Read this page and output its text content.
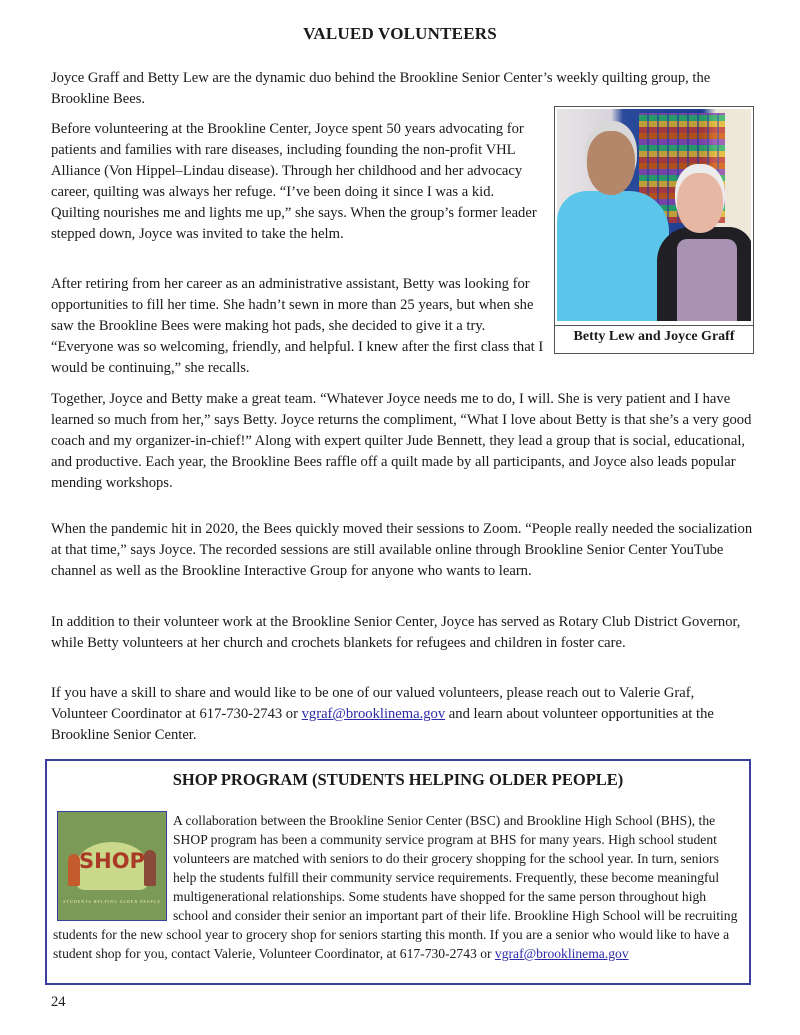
VALUED VOLUNTEERS

Joyce Graff and Betty Lew are the dynamic duo behind the Brookline Senior Center’s weekly quilting group, the Brookline Bees.

Before volunteering at the Brookline Center, Joyce spent 50 years advocating for patients and families with rare diseases, including founding the non-profit VHL Alliance (Von Hippel–Lindau disease). Through her childhood and her advocacy career, quilting was always her refuge. “I’ve been doing it since I was a kid. Quilting nourishes me and lights me up,” she says. When the group’s former leader stepped down, Joyce was invited to take the helm.

After retiring from her career as an administrative assistant, Betty was looking for opportunities to fill her time. She hadn’t sewn in more than 25 years, but when she saw the Brookline Bees were making hot pads, she decided to give it a try. “Everyone was so welcoming, friendly, and helpful. I knew after the first class that I would be continuing,” she recalls.

Betty Lew and Joyce Graff

Together, Joyce and Betty make a great team. “Whatever Joyce needs me to do, I will. She is very patient and I have learned so much from her,” says Betty. Joyce returns the compliment, “What I love about Betty is that she’s a very good coach and my organizer-in-chief!” Along with expert quilter Jude Bennett, they lead a group that is social, educational, and productive. Each year, the Brookline Bees raffle off a quilt made by all participants, and Joyce also leads popular mending workshops.

When the pandemic hit in 2020, the Bees quickly moved their sessions to Zoom. “People really needed the socialization at that time,” says Joyce. The recorded sessions are still available online through Brookline Senior Center YouTube channel as well as the Brookline Interactive Group for anyone who wants to learn.

In addition to their volunteer work at the Brookline Senior Center, Joyce has served as Rotary Club District Governor, while Betty volunteers at her church and crochets blankets for refugees and children in foster care.

If you have a skill to share and would like to be one of our valued volunteers, please reach out to Valerie Graf, Volunteer Coordinator at 617-730-2743 or vgraf@brooklinema.gov and learn about volunteer opportunities at the Brookline Senior Center.

SHOP PROGRAM (STUDENTS HELPING OLDER PEOPLE)
SHOP
STUDENTS HELPING OLDER PEOPLE

A collaboration between the Brookline Senior Center (BSC) and Brookline High School (BHS), the SHOP program has been a community service program at BHS for many years. High school student volunteers are matched with seniors to do their grocery shopping for the school year. In turn, seniors help the students fulfill their community service requirements. Frequently, these become meaningful multigenerational relationships. Some students have shopped for the same person throughout high school and consider their senior an important part of their life. Brookline High School will be recruiting students for the new school year to grocery shop for seniors starting this month. If you are a senior who would like to have a student shop for you, contact Valerie, Volunteer Coordinator, at 617-730-2743 or vgraf@brooklinema.gov

24
